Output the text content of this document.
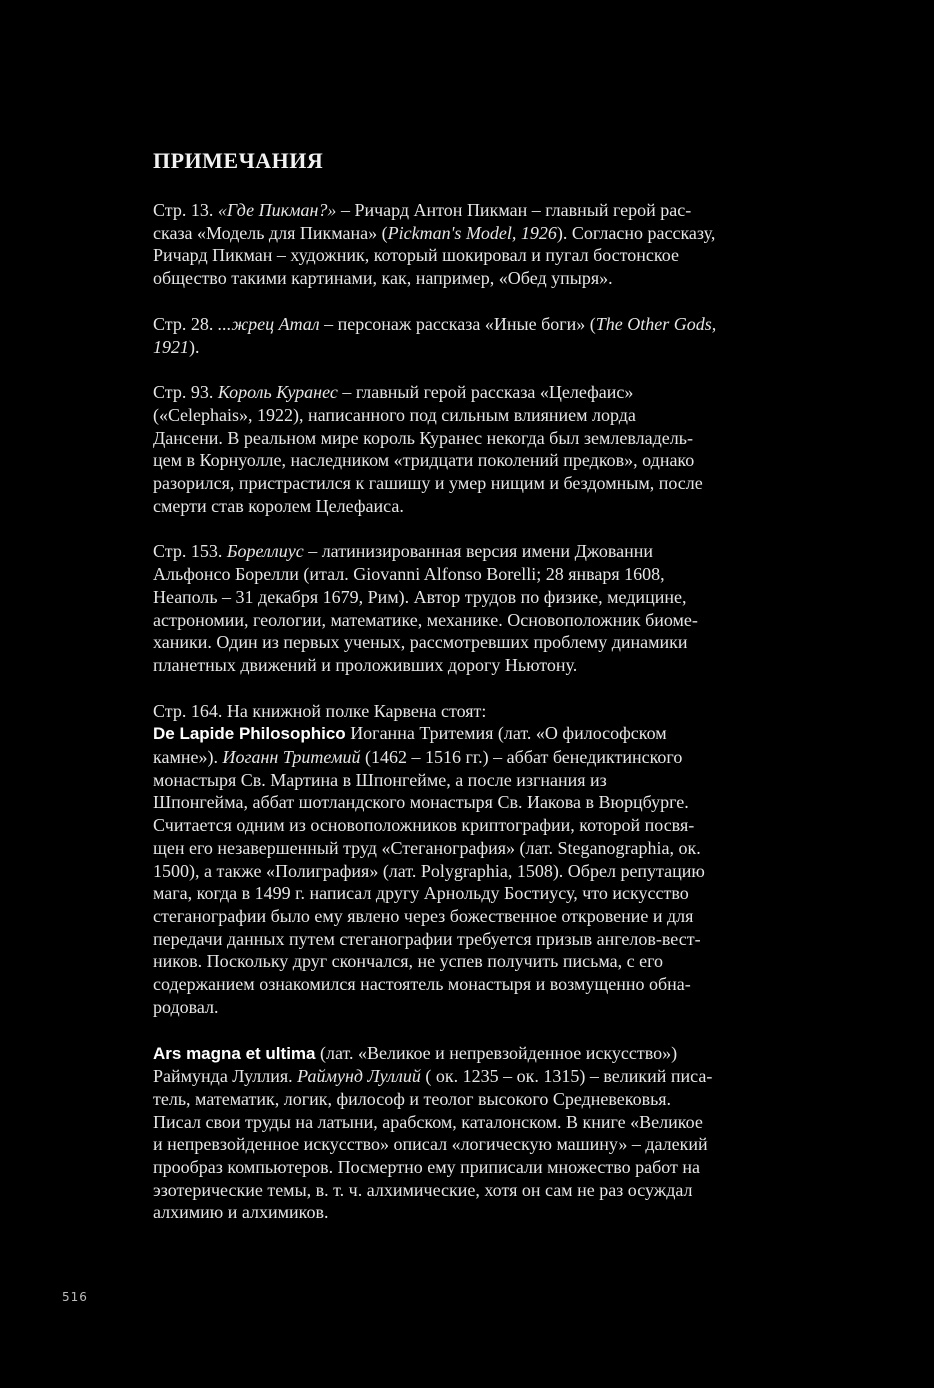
ПРИМЕЧАНИЯ

Стр. 13. «Где Пикман?» – Ричард Антон Пикман – главный герой рас-
сказа «Модель для Пикмана» (Pickman's Model, 1926). Согласно рассказу,
Ричард Пикман – художник, который шокировал и пугал бостонское
общество такими картинами, как, например, «Обед упыря».

Стр. 28. ...жрец Атал – персонаж рассказа «Иные боги» (The Other Gods,
1921).

Стр. 93. Король Куранес – главный герой рассказа «Целефаис»
(«Celephais», 1922), написанного под сильным влиянием лорда
Дансени. В реальном мире король Куранес некогда был землевладель-
цем в Корнуолле, наследником «тридцати поколений предков», однако
разорился, пристрастился к гашишу и умер нищим и бездомным, после
смерти став королем Целефаиса.

Стр. 153. Бореллиус – латинизированная версия имени Джованни
Альфонсо Борелли (итал. Giovanni Alfonso Borelli; 28 января 1608,
Неаполь – 31 декабря 1679, Рим). Автор трудов по физике, медицине,
астрономии, геологии, математике, механике. Основоположник биоме-
ханики. Один из первых ученых, рассмотревших проблему динамики
планетных движений и проложивших дорогу Ньютону.

Стр. 164. На книжной полке Карвена стоят:
De Lapide Philosophico Иоганна Тритемия (лат. «О философском
камне»). Иоганн Тритемий (1462 – 1516 гг.) – аббат бенедиктинского
монастыря Св. Мартина в Шпонгейме, а после изгнания из
Шпонгейма, аббат шотландского монастыря Св. Иакова в Вюрцбурге.
Считается одним из основоположников криптографии, которой посвя-
щен его незавершенный труд «Стеганография» (лат. Steganographia, ок.
1500), а также «Полиграфия» (лат. Polygraphia, 1508). Обрел репутацию
мага, когда в 1499 г. написал другу Арнольду Бостиусу, что искусство
стеганографии было ему явлено через божественное откровение и для
передачи данных путем стеганографии требуется призыв ангелов-вест-
ников. Поскольку друг скончался, не успев получить письма, с его
содержанием ознакомился настоятель монастыря и возмущенно обна-
родовал.

Ars magna et ultima (лат. «Великое и непревзойденное искусство»)
Раймунда Луллия. Раймунд Луллий ( ок. 1235 – ок. 1315) – великий писа-
тель, математик, логик, философ и теолог высокого Средневековья.
Писал свои труды на латыни, арабском, каталонском. В книге «Великое
и непревзойденное искусство» описал «логическую машину» – далекий
прообраз компьютеров. Посмертно ему приписали множество работ на
эзотерические темы, в. т. ч. алхимические, хотя он сам не раз осуждал
алхимию и алхимиков.

516
